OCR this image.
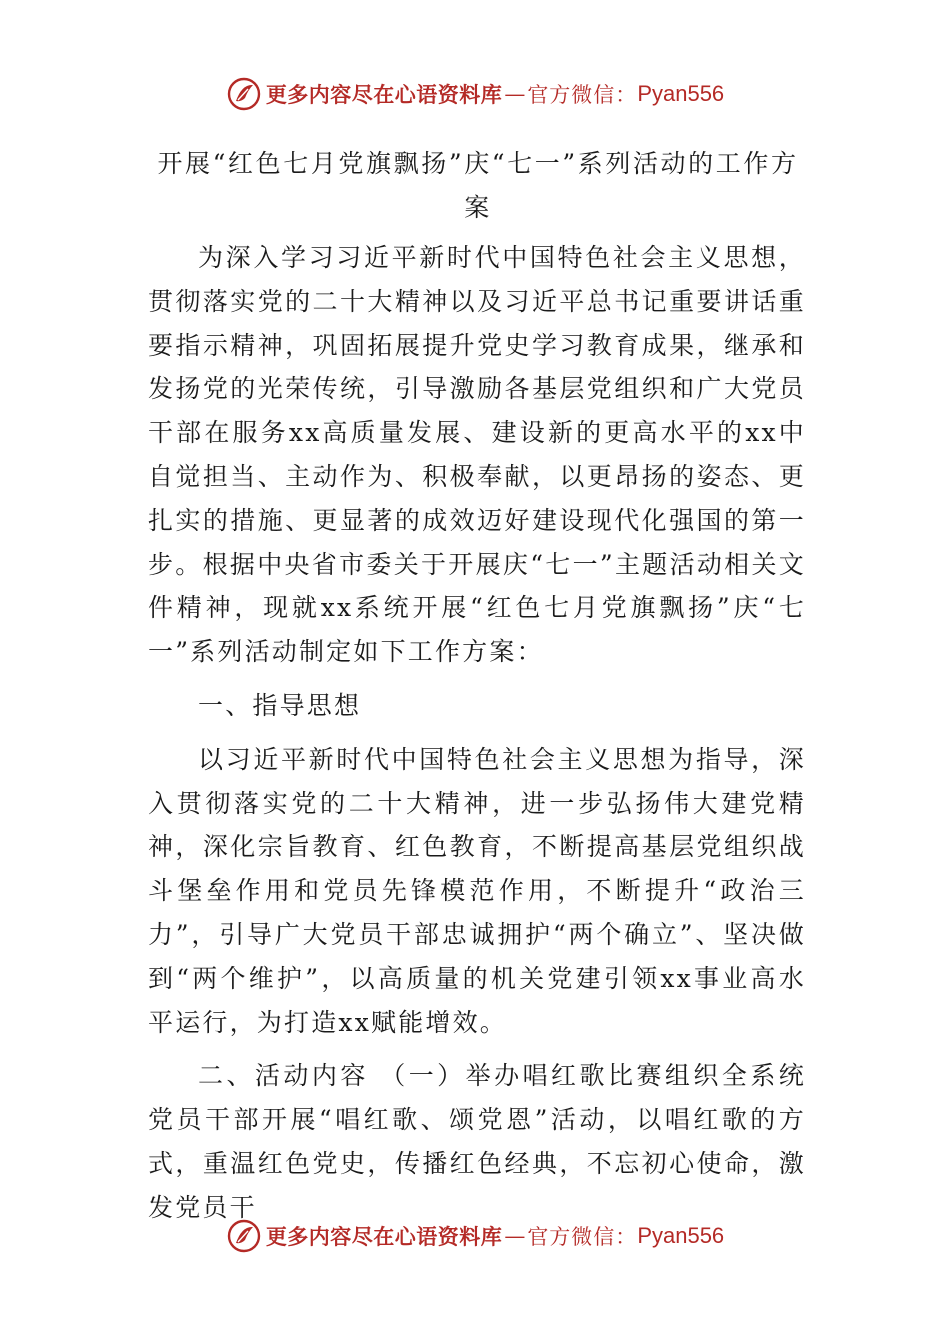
更多内容尽在心语资料库 — 官方微信： Pyan556
开展“红色七月党旗飘扬”庆“七一”系列活动的工作方案

为深入学习习近平新时代中国特色社会主义思想，贯彻落实党的二十大精神以及习近平总书记重要讲话重要指示精神，巩固拓展提升党史学习教育成果，继承和发扬党的光荣传统，引导激励各基层党组织和广大党员干部在服务xx高质量发展、建设新的更高水平的xx中自觉担当、主动作为、积极奉献，以更昂扬的姿态、更扎实的措施、更显著的成效迈好建设现代化强国的第一步。根据中央省市委关于开展庆“七一”主题活动相关文件精神，现就xx系统开展“红色七月党旗飘扬”庆“七一”系列活动制定如下工作方案：

一、指导思想

以习近平新时代中国特色社会主义思想为指导，深入贯彻落实党的二十大精神，进一步弘扬伟大建党精神，深化宗旨教育、红色教育，不断提高基层党组织战斗堡垒作用和党员先锋模范作用，不断提升“政治三力”，引导广大党员干部忠诚拥护“两个确立”、坚决做到“两个维护”，以高质量的机关党建引领xx事业高水平运行，为打造xx赋能增效。

二、活动内容 （一）举办唱红歌比赛组织全系统党员干部开展“唱红歌、颂党恩”活动，以唱红歌的方式，重温红色党史，传播红色经典，不忘初心使命，激发党员干

更多内容尽在心语资料库 — 官方微信： Pyan556
